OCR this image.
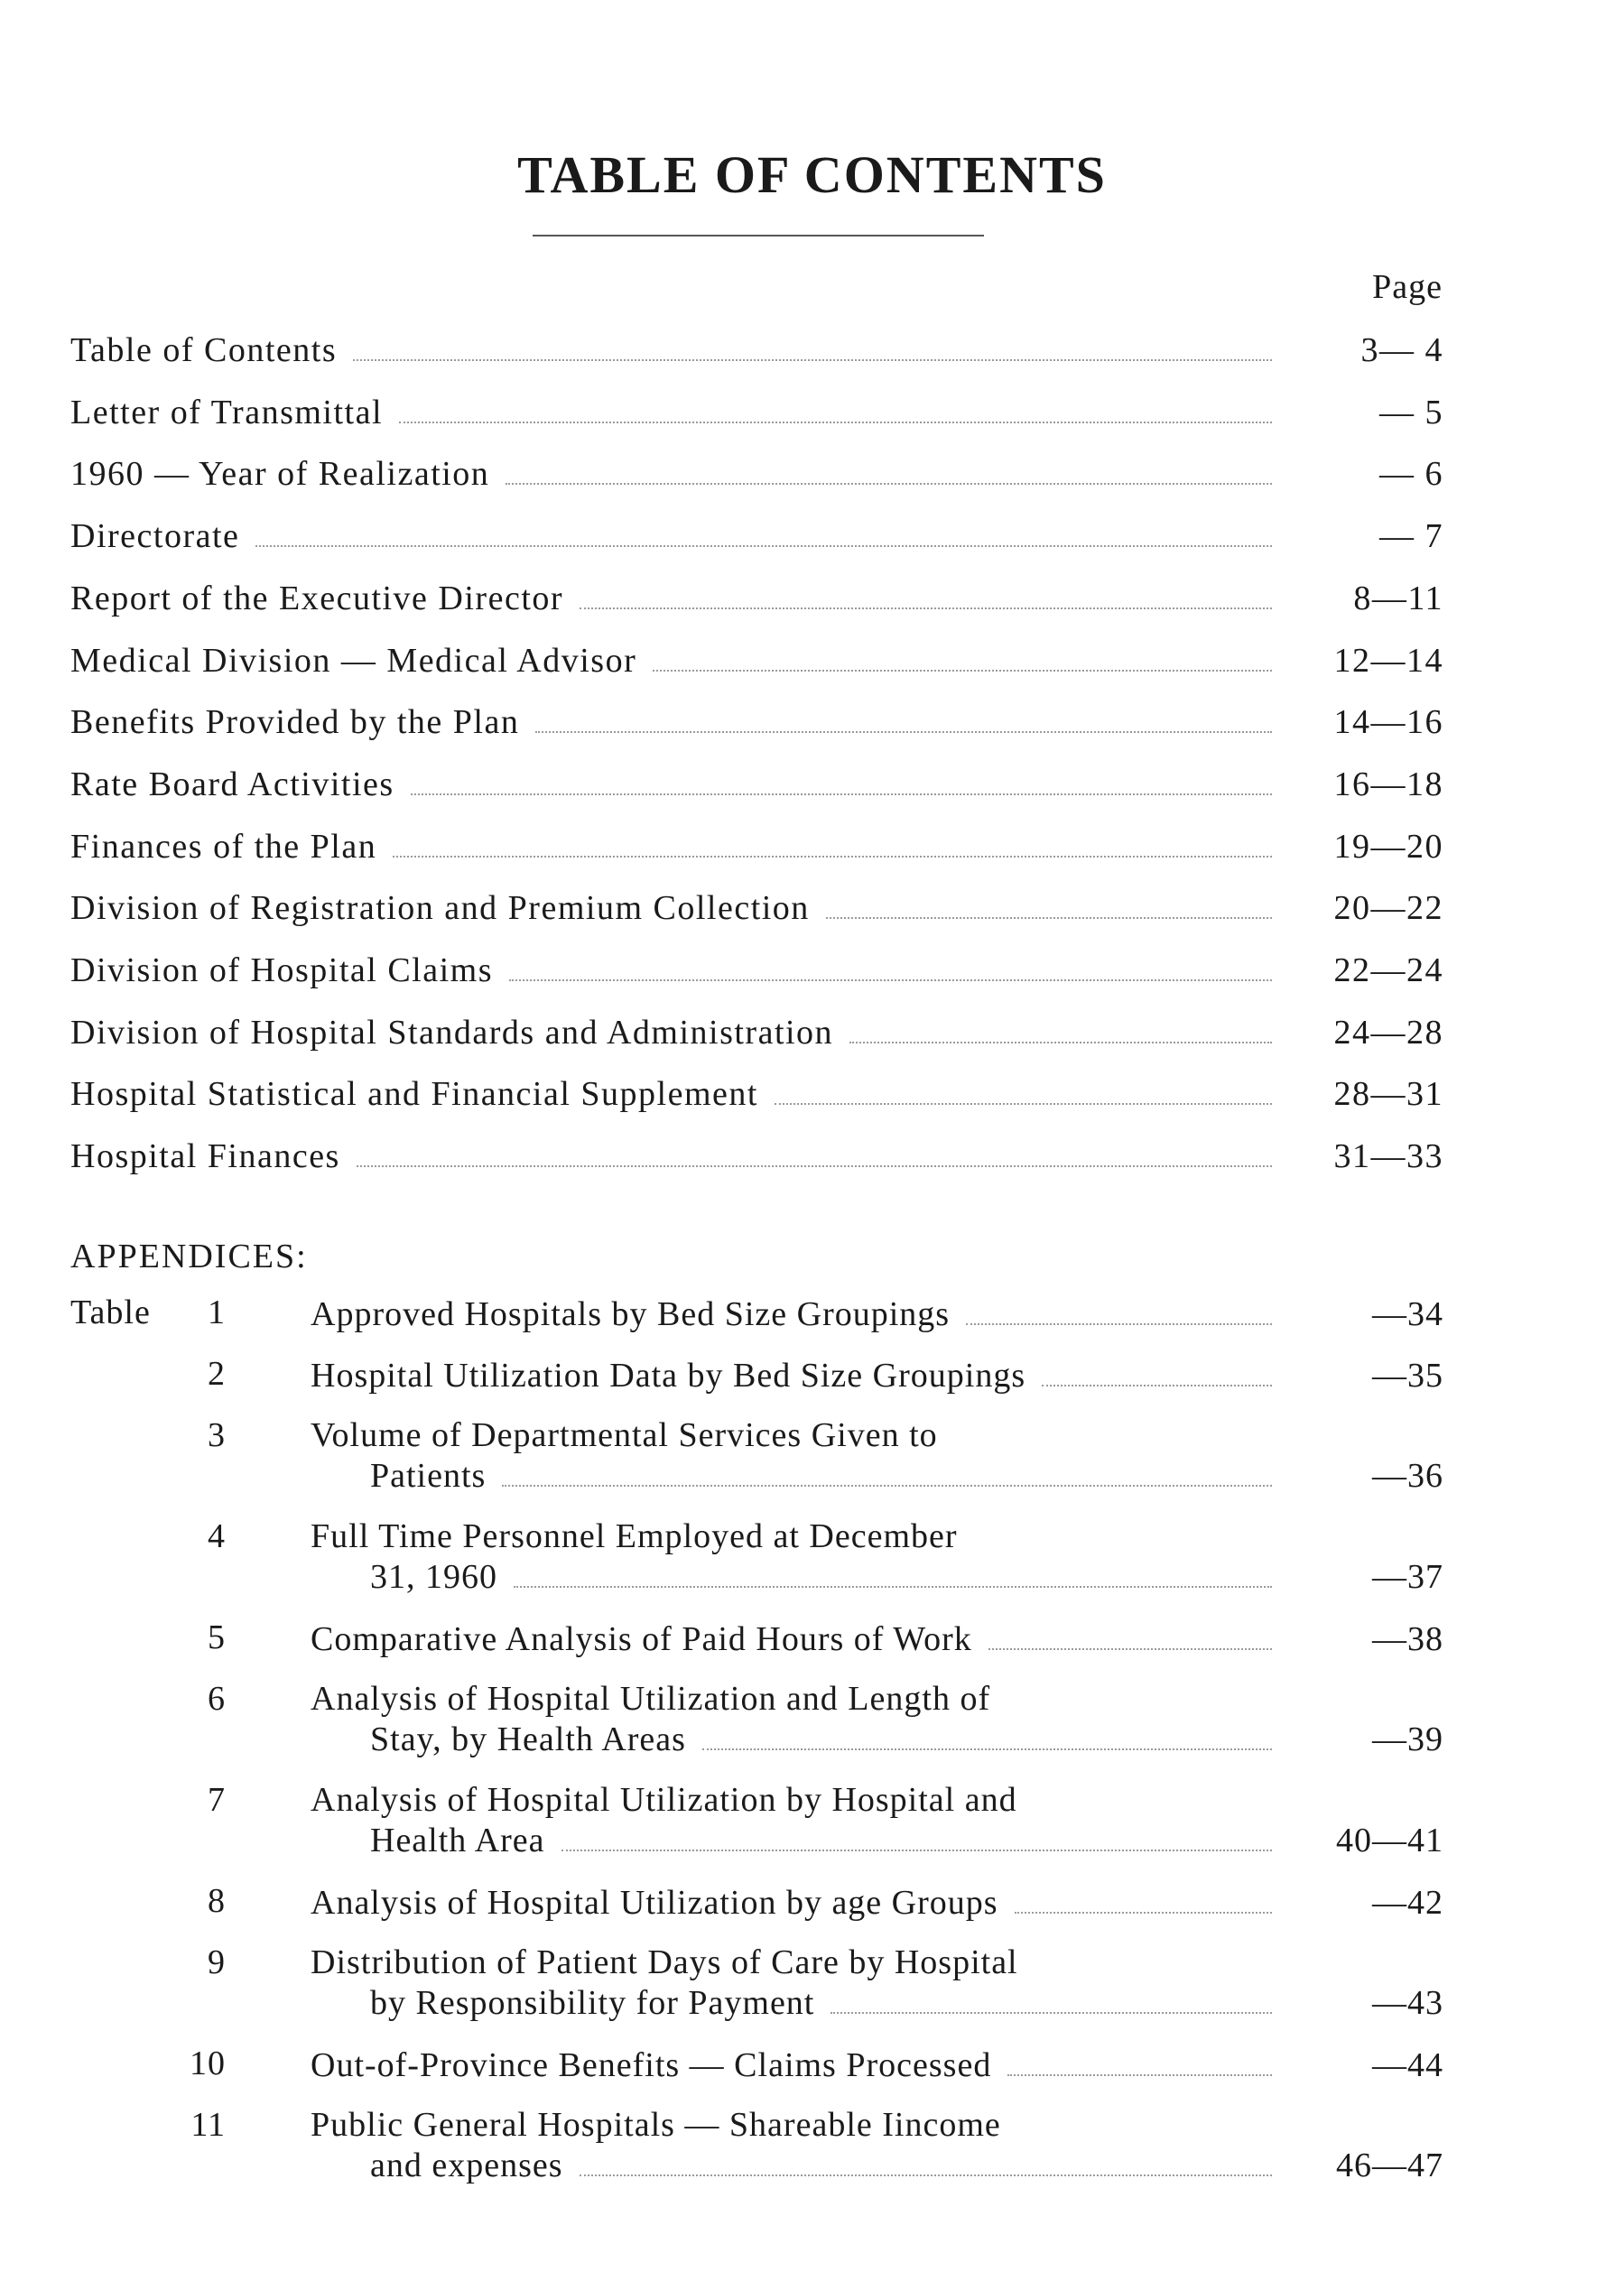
TABLE OF CONTENTS
Page
Table of Contents	3— 4
Letter of Transmittal	— 5
1960 — Year of Realization	— 6
Directorate	— 7
Report of the Executive Director	8—11
Medical Division — Medical Advisor	12—14
Benefits Provided by the Plan	14—16
Rate Board Activities	16—18
Finances of the Plan	19—20
Division of Registration and Premium Collection	20—22
Division of Hospital Claims	22—24
Division of Hospital Standards and Administration	24—28
Hospital Statistical and Financial Supplement	28—31
Hospital Finances	31—33
APPENDICES:
Table	1 Approved Hospitals by Bed Size Groupings	—34
2 Hospital Utilization Data by Bed Size Groupings	—35
3 Volume of Departmental Services Given to
Patients	—36
4 Full Time Personnel Employed at December
31, 1960	—37
5 Comparative Analysis of Paid Hours of Work	—38
6 Analysis of Hospital Utilization and Length of
Stay, by Health Areas	—39
7 Analysis of Hospital Utilization by Hospital and
Health Area	40—41
8 Analysis of Hospital Utilization by age Groups	—42
9 Distribution of Patient Days of Care by Hospital
by Responsibility for Payment	—43
10 Out-of-Province Benefits — Claims Processed	—44
11 Public General Hospitals — Shareable Iincome
and expenses	46—47
